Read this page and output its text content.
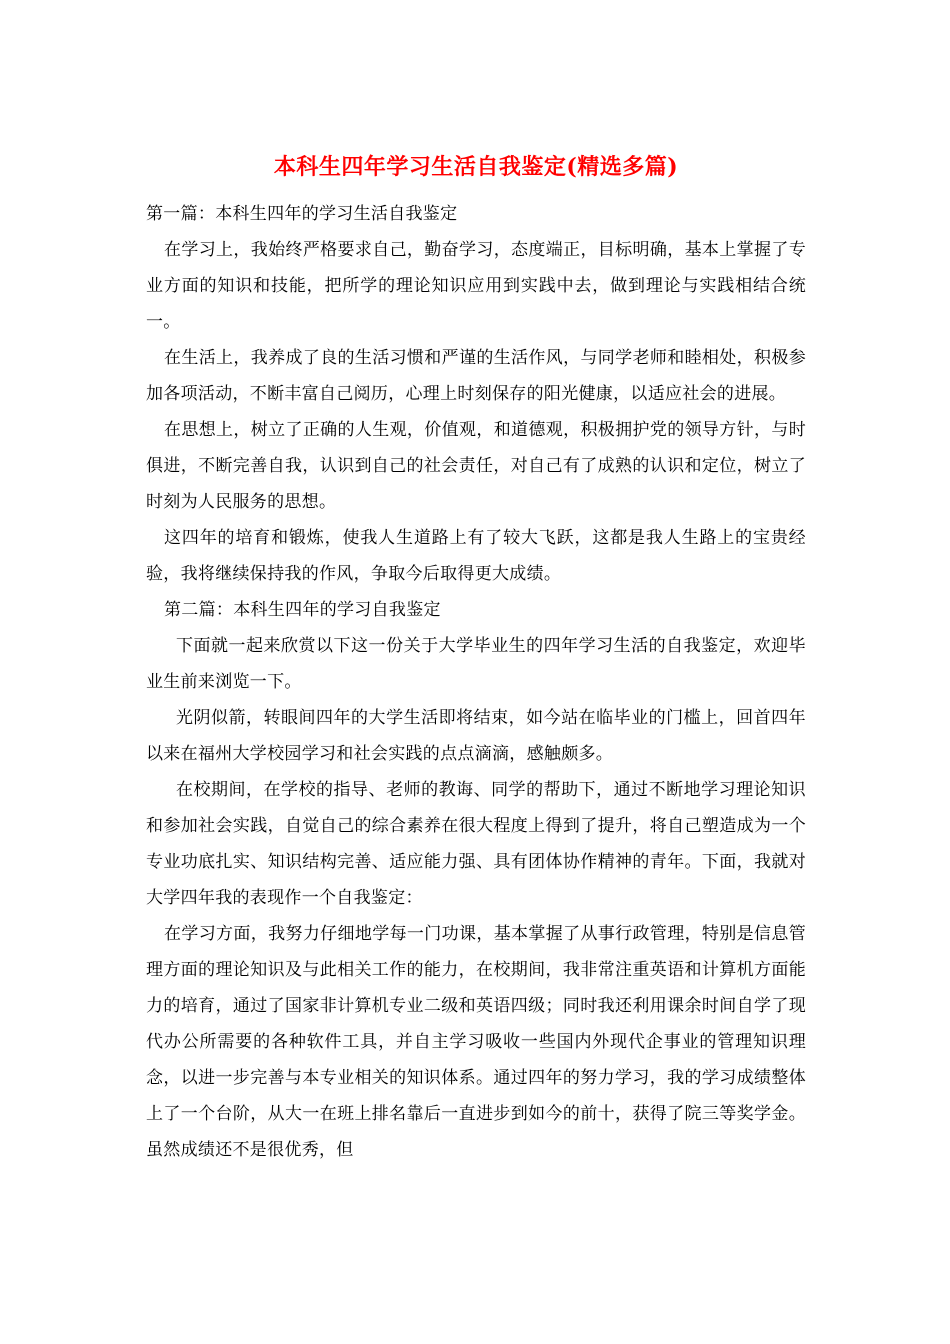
本科生四年学习生活自我鉴定(精选多篇)

第一篇：本科生四年的学习生活自我鉴定

在学习上，我始终严格要求自己，勤奋学习，态度端正，目标明确，基本上掌握了专业方面的知识和技能，把所学的理论知识应用到实践中去，做到理论与实践相结合统一。

在生活上，我养成了良的生活习惯和严谨的生活作风，与同学老师和睦相处，积极参加各项活动，不断丰富自己阅历，心理上时刻保存的阳光健康，以适应社会的进展。

在思想上，树立了正确的人生观，价值观，和道德观，积极拥护党的领导方针，与时俱进，不断完善自我，认识到自己的社会责任，对自己有了成熟的认识和定位，树立了时刻为人民服务的思想。

这四年的培育和锻炼，使我人生道路上有了较大飞跃，这都是我人生路上的宝贵经验，我将继续保持我的作风，争取今后取得更大成绩。

第二篇：本科生四年的学习自我鉴定

下面就一起来欣赏以下这一份关于大学毕业生的四年学习生活的自我鉴定，欢迎毕业生前来浏览一下。

光阴似箭，转眼间四年的大学生活即将结束，如今站在临毕业的门槛上，回首四年以来在福州大学校园学习和社会实践的点点滴滴，感触颇多。

在校期间，在学校的指导、老师的教诲、同学的帮助下，通过不断地学习理论知识和参加社会实践，自觉自己的综合素养在很大程度上得到了提升，将自己塑造成为一个专业功底扎实、知识结构完善、适应能力强、具有团体协作精神的青年。下面，我就对大学四年我的表现作一个自我鉴定：

在学习方面，我努力仔细地学每一门功课，基本掌握了从事行政管理，特别是信息管理方面的理论知识及与此相关工作的能力，在校期间，我非常注重英语和计算机方面能力的培育，通过了国家非计算机专业二级和英语四级；同时我还利用课余时间自学了现代办公所需要的各种软件工具，并自主学习吸收一些国内外现代企事业的管理知识理念，以进一步完善与本专业相关的知识体系。通过四年的努力学习，我的学习成绩整体上了一个台阶，从大一在班上排名靠后一直进步到如今的前十，获得了院三等奖学金。虽然成绩还不是很优秀，但
